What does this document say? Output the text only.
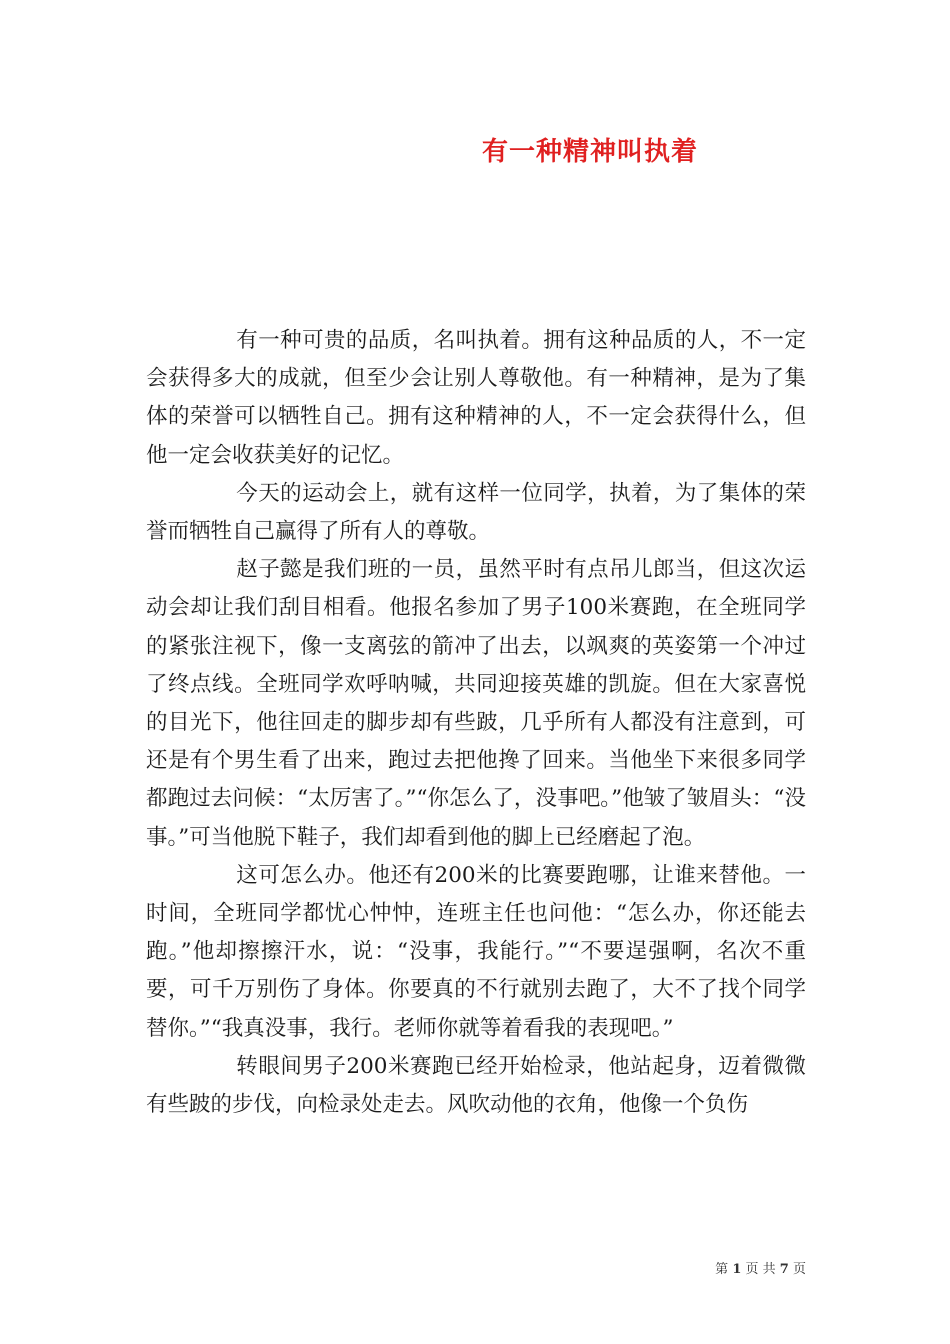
有一种精神叫执着

有一种可贵的品质，名叫执着。拥有这种品质的人，不一定会获得多大的成就，但至少会让别人尊敬他。有一种精神，是为了集体的荣誉可以牺牲自己。拥有这种精神的人，不一定会获得什么，但他一定会收获美好的记忆。

今天的运动会上，就有这样一位同学，执着，为了集体的荣誉而牺牲自己赢得了所有人的尊敬。

赵子懿是我们班的一员，虽然平时有点吊儿郎当，但这次运动会却让我们刮目相看。他报名参加了男子100米赛跑，在全班同学的紧张注视下，像一支离弦的箭冲了出去，以飒爽的英姿第一个冲过了终点线。全班同学欢呼呐喊，共同迎接英雄的凯旋。但在大家喜悦的目光下，他往回走的脚步却有些跛，几乎所有人都没有注意到，可还是有个男生看了出来，跑过去把他搀了回来。当他坐下来很多同学都跑过去问候：“太厉害了。”“你怎么了，没事吧。”他皱了皱眉头：“没事。”可当他脱下鞋子，我们却看到他的脚上已经磨起了泡。

这可怎么办。他还有200米的比赛要跑哪，让谁来替他。一时间，全班同学都忧心忡忡，连班主任也问他：“怎么办，你还能去跑。”他却擦擦汗水，说：“没事，我能行。”“不要逞强啊，名次不重要，可千万别伤了身体。你要真的不行就别去跑了，大不了找个同学替你。”“我真没事，我行。老师你就等着看我的表现吧。”

转眼间男子200米赛跑已经开始检录，他站起身，迈着微微有些跛的步伐，向检录处走去。风吹动他的衣角，他像一个负伤

第 1 页 共 7 页
